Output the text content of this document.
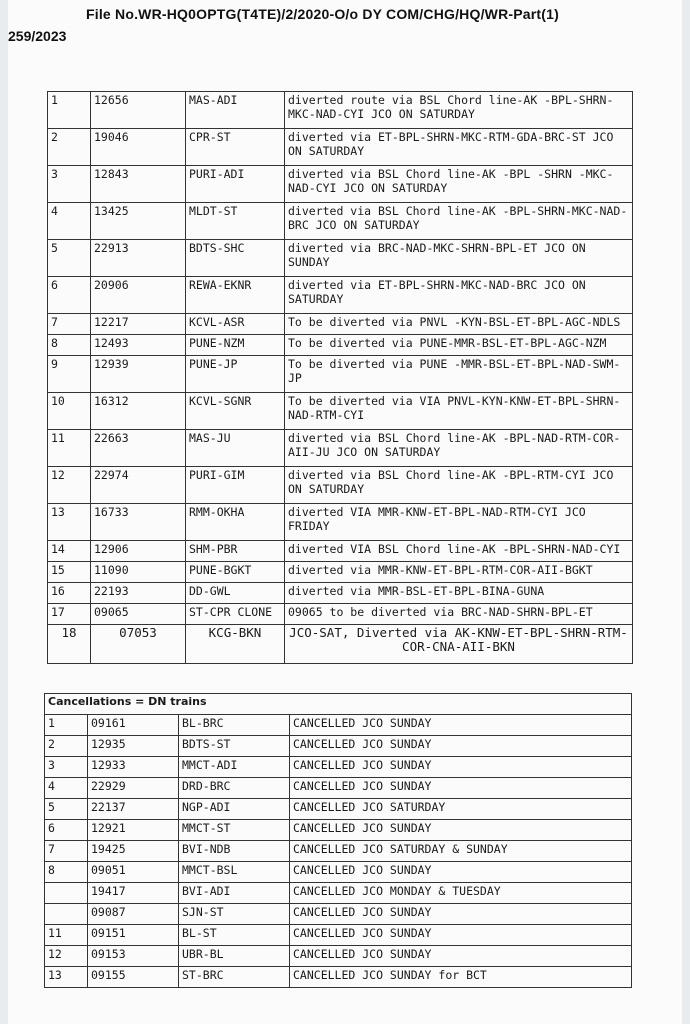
File No.WR-HQ0OPTG(T4TE)/2/2020-O/o DY COM/CHG/HQ/WR-Part(1)
259/2023
1	12656	MAS-ADI	diverted route via BSL Chord line-AK -BPL-SHRN-MKC-NAD-CYI JCO ON SATURDAY
2	19046	CPR-ST	diverted via ET-BPL-SHRN-MKC-RTM-GDA-BRC-ST JCO ON SATURDAY
3	12843	PURI-ADI	diverted via BSL Chord line-AK -BPL -SHRN -MKC- NAD-CYI JCO ON SATURDAY
4	13425	MLDT-ST	diverted via BSL Chord line-AK -BPL-SHRN-MKC-NAD-BRC JCO ON SATURDAY
5	22913	BDTS-SHC	diverted via BRC-NAD-MKC-SHRN-BPL-ET JCO ON SUNDAY
6	20906	REWA-EKNR	diverted via ET-BPL-SHRN-MKC-NAD-BRC JCO ON SATURDAY
7	12217	KCVL-ASR	To be diverted via PNVL -KYN-BSL-ET-BPL-AGC-NDLS
8	12493	PUNE-NZM	To be diverted via PUNE-MMR-BSL-ET-BPL-AGC-NZM
9	12939	PUNE-JP	To be diverted via PUNE -MMR-BSL-ET-BPL-NAD-SWM-JP
10	16312	KCVL-SGNR	To be diverted via VIA PNVL-KYN-KNW-ET-BPL-SHRN-NAD-RTM-CYI
11	22663	MAS-JU	diverted via BSL Chord line-AK -BPL-NAD-RTM-COR-AII-JU JCO ON SATURDAY
12	22974	PURI-GIM	diverted via BSL Chord line-AK -BPL-RTM-CYI JCO ON SATURDAY
13	16733	RMM-OKHA	diverted VIA MMR-KNW-ET-BPL-NAD-RTM-CYI JCO FRIDAY
14	12906	SHM-PBR	diverted VIA BSL Chord line-AK -BPL-SHRN-NAD-CYI
15	11090	PUNE-BGKT	diverted via MMR-KNW-ET-BPL-RTM-COR-AII-BGKT
16	22193	DD-GWL	diverted via MMR-BSL-ET-BPL-BINA-GUNA
17	09065	ST-CPR CLONE	09065 to be diverted via BRC-NAD-SHRN-BPL-ET
18	07053	KCG-BKN	JCO-SAT, Diverted via AK-KNW-ET-BPL-SHRN-RTM-COR-CNA-AII-BKN
Cancellations = DN trains			
1	09161	BL-BRC	CANCELLED JCO SUNDAY
2	12935	BDTS-ST	CANCELLED JCO SUNDAY
3	12933	MMCT-ADI	CANCELLED JCO SUNDAY
4	22929	DRD-BRC	CANCELLED JCO SUNDAY
5	22137	NGP-ADI	CANCELLED JCO SATURDAY
6	12921	MMCT-ST	CANCELLED JCO SUNDAY
7	19425	BVI-NDB	CANCELLED JCO SATURDAY & SUNDAY
8	09051	MMCT-BSL	CANCELLED JCO SUNDAY
	19417	BVI-ADI	CANCELLED JCO MONDAY & TUESDAY
	09087	SJN-ST	CANCELLED JCO SUNDAY
11	09151	BL-ST	CANCELLED JCO SUNDAY
12	09153	UBR-BL	CANCELLED JCO SUNDAY
13	09155	ST-BRC	CANCELLED JCO SUNDAY for BCT
